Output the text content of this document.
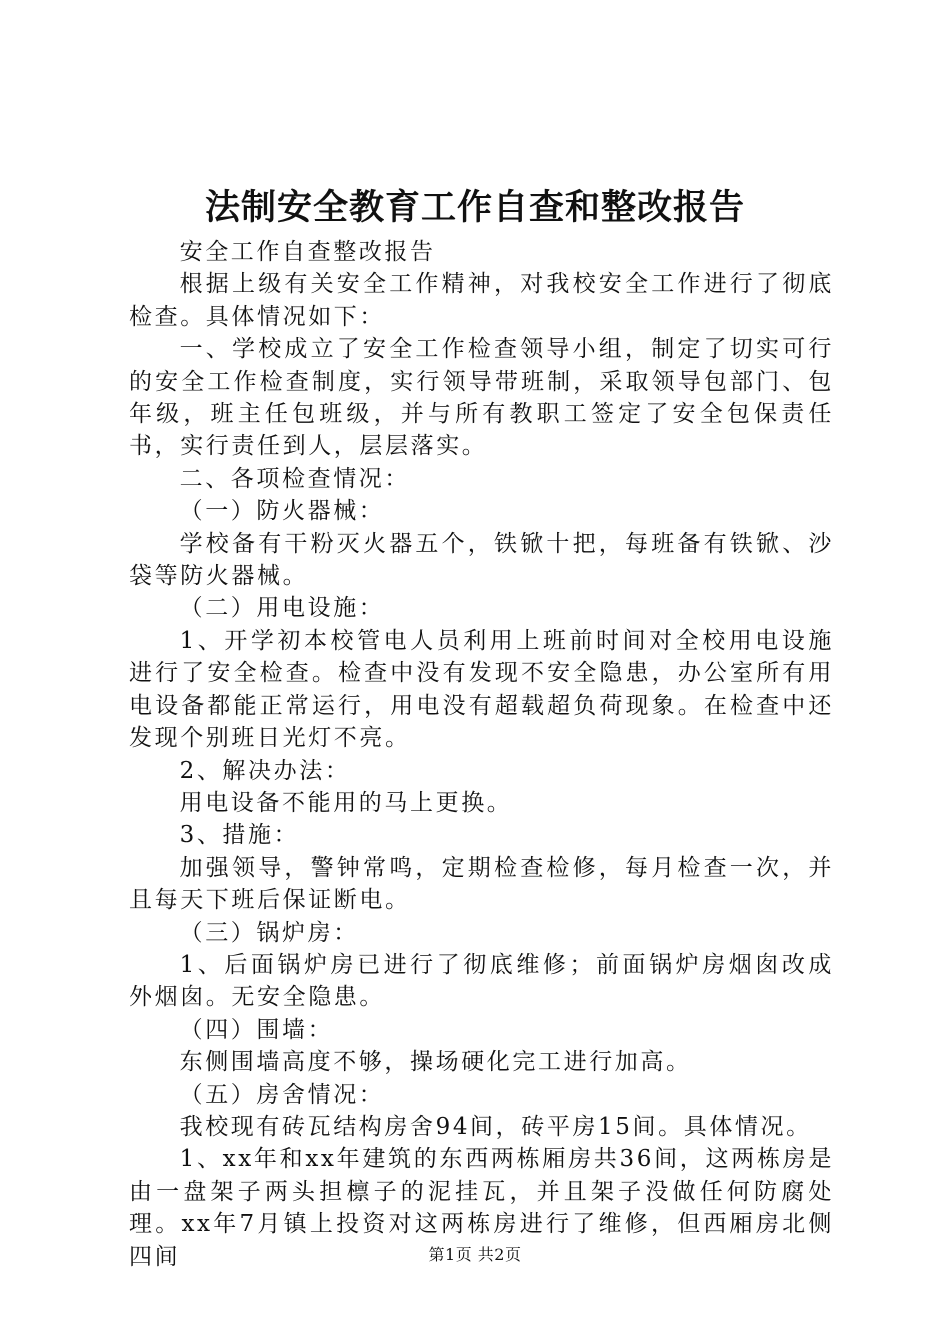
法制安全教育工作自查和整改报告

安全工作自查整改报告

根据上级有关安全工作精神，对我校安全工作进行了彻底检查。具体情况如下：

一、学校成立了安全工作检查领导小组，制定了切实可行的安全工作检查制度，实行领导带班制，采取领导包部门、包年级，班主任包班级，并与所有教职工签定了安全包保责任书，实行责任到人，层层落实。

二、各项检查情况：

（一）防火器械：

学校备有干粉灭火器五个，铁锨十把，每班备有铁锨、沙袋等防火器械。

（二）用电设施：

1、开学初本校管电人员利用上班前时间对全校用电设施进行了安全检查。检查中没有发现不安全隐患，办公室所有用电设备都能正常运行，用电没有超载超负荷现象。在检查中还发现个别班日光灯不亮。

2、解决办法：

用电设备不能用的马上更换。

3、措施：

加强领导，警钟常鸣，定期检查检修，每月检查一次，并且每天下班后保证断电。

（三）锅炉房：

1、后面锅炉房已进行了彻底维修；前面锅炉房烟囱改成外烟囱。无安全隐患。

（四）围墙：

东侧围墙高度不够，操场硬化完工进行加高。

（五）房舍情况：

我校现有砖瓦结构房舍94间，砖平房15间。具体情况。

1、xx年和xx年建筑的东西两栋厢房共36间，这两栋房是由一盘架子两头担檩子的泥挂瓦，并且架子没做任何防腐处理。xx年7月镇上投资对这两栋房进行了维修，但西厢房北侧四间	第1页 共2页
